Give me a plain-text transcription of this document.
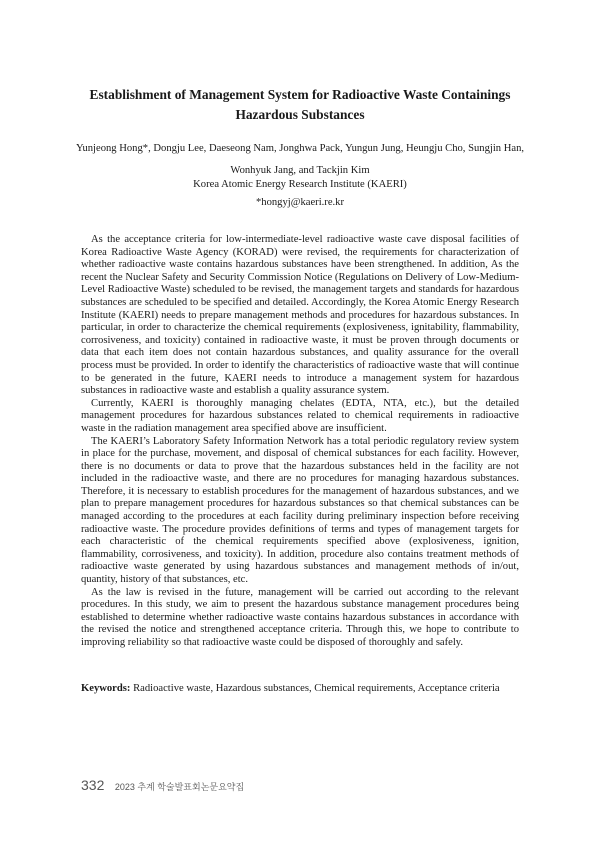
Establishment of Management System for Radioactive Waste Containings Hazardous Substances
Yunjeong Hong*, Dongju Lee, Daeseong Nam, Jonghwa Pack, Yungun Jung, Heungju Cho, Sungjin Han, Wonhyuk Jang, and Tackjin Kim
Korea Atomic Energy Research Institute (KAERI)
*hongyj@kaeri.re.kr

As the acceptance criteria for low-intermediate-level radioactive waste cave disposal facilities of Korea Radioactive Waste Agency (KORAD) were revised, the requirements for characterization of whether radioactive waste contains hazardous substances have been strengthened. In addition, As the recent the Nuclear Safety and Security Commission Notice (Regulations on Delivery of Low-Medium-Level Radioactive Waste) scheduled to be revised, the management targets and standards for hazardous substances are scheduled to be specified and detailed. Accordingly, the Korea Atomic Energy Research Institute (KAERI) needs to prepare management methods and procedures for hazardous substances. In particular, in order to characterize the chemical requirements (explosiveness, ignitability, flammability, corrosiveness, and toxicity) contained in radioactive waste, it must be proven through documents or data that each item does not contain hazardous substances, and quality assurance for the overall process must be provided. In order to identify the characteristics of radioactive waste that will continue to be generated in the future, KAERI needs to introduce a management system for hazardous substances in radioactive waste and establish a quality assurance system.

Currently, KAERI is thoroughly managing chelates (EDTA, NTA, etc.), but the detailed management procedures for hazardous substances related to chemical requirements in radioactive waste in the radiation management area specified above are insufficient.

The KAERI’s Laboratory Safety Information Network has a total periodic regulatory review system in place for the purchase, movement, and disposal of chemical substances for each facility. However, there is no documents or data to prove that the hazardous substances held in the facility are not included in the radioactive waste, and there are no procedures for managing hazardous substances. Therefore, it is necessary to establish procedures for the management of hazardous substances, and we plan to prepare management procedures for hazardous substances so that chemical substances can be managed according to the procedures at each facility during preliminary inspection before receiving radioactive waste. The procedure provides definitions of terms and types of management targets for each characteristic of the chemical requirements specified above (explosiveness, ignition, flammability, corrosiveness, and toxicity). In addition, procedure also contains treatment methods of radioactive waste generated by using hazardous substances and management methods of in/out, quantity, history of that substances, etc.

As the law is revised in the future, management will be carried out according to the relevant procedures. In this study, we aim to present the hazardous substance management procedures being established to determine whether radioactive waste contains hazardous substances in accordance with the revised the notice and strengthened acceptance criteria. Through this, we hope to contribute to improving reliability so that radioactive waste could be disposed of thoroughly and safely.

Keywords: Radioactive waste, Hazardous substances, Chemical requirements, Acceptance criteria
332 2023 추계 학술발표회논문요약집
